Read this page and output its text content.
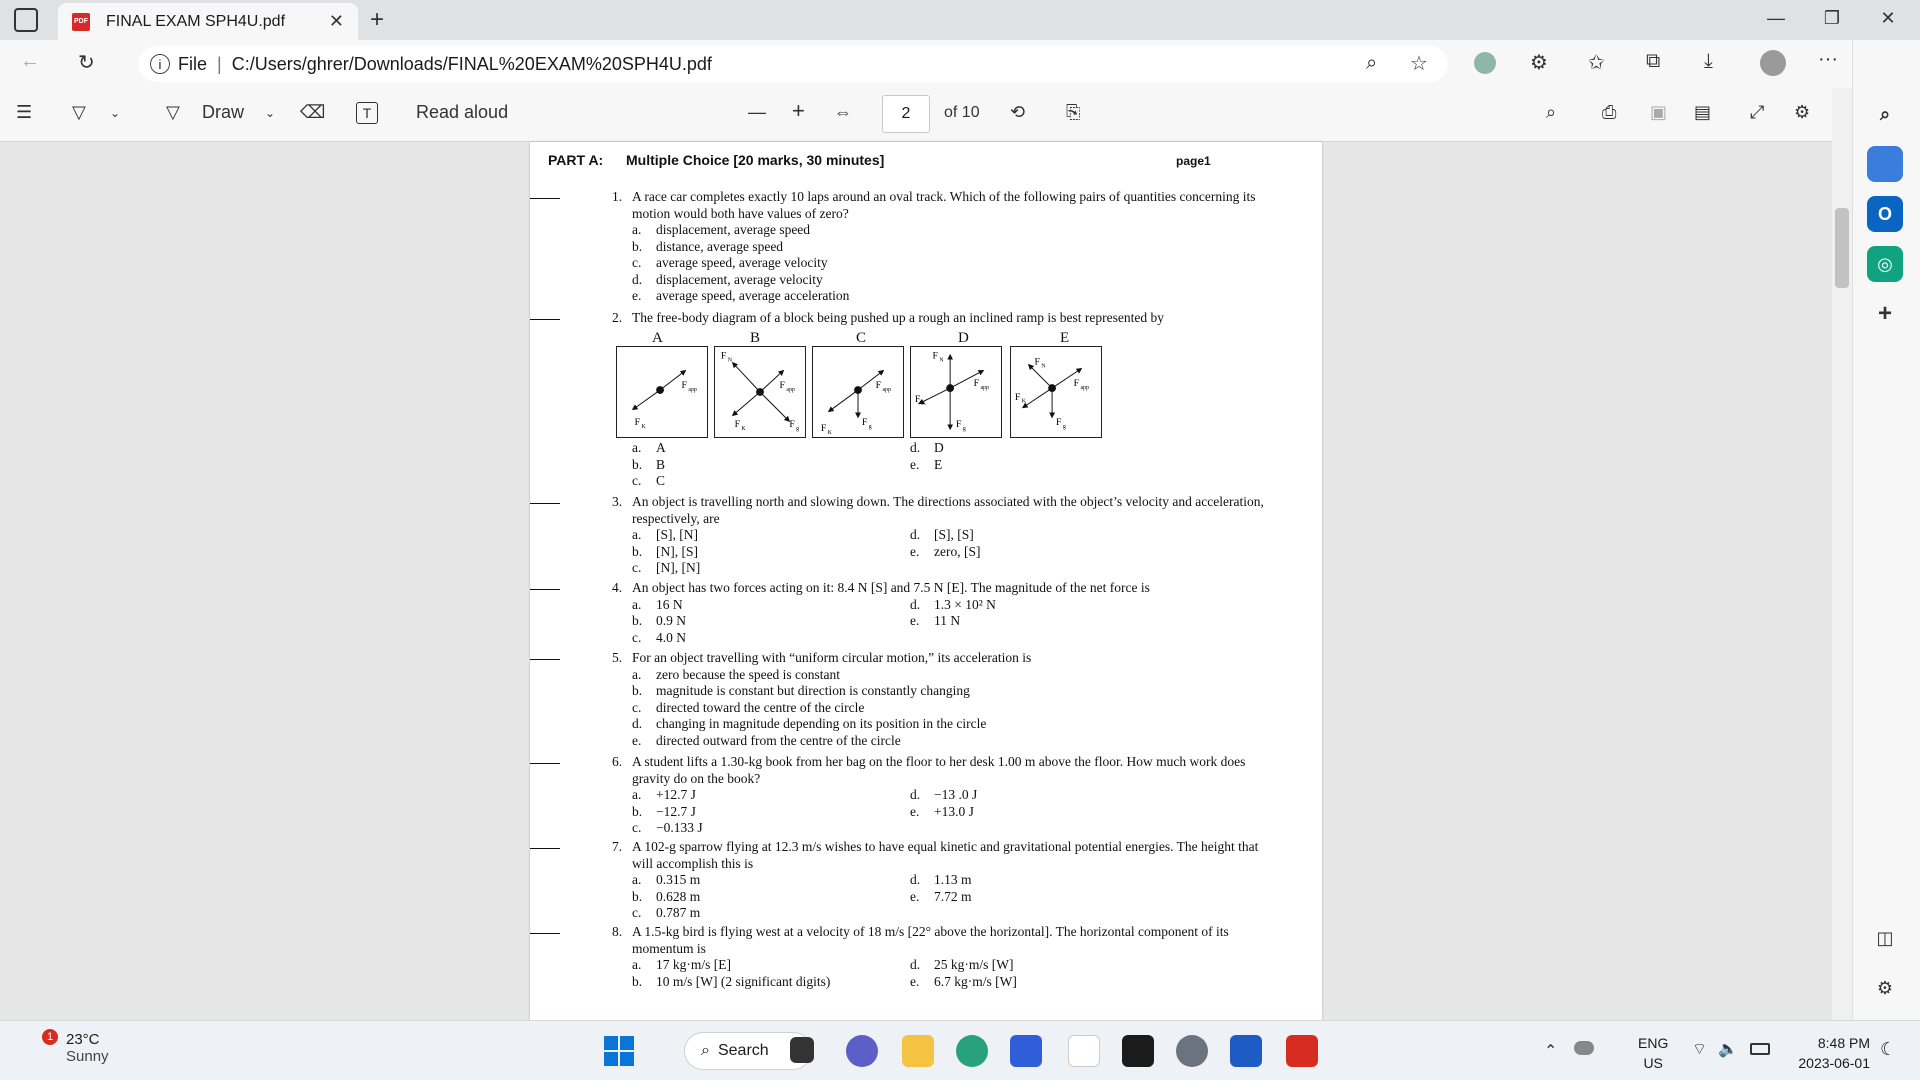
PDF FINAL EXAM SPH4U.pdf	✕ +	—	❐	✕
← ↻	i File | C:/Users/ghrer/Downloads/FINAL%20EXAM%20SPH4U.pdf	⌕ ☆	⚙ ✩ ⧉ ⤓	···
☰ ▽ ⌄	▽ Draw ⌄ ⌫	T	Read aloud	— + ⇔	2	of 10 ⟲ ⎘	⌕	⎙ ▣ ▤ ⤢ ⚙
PART A: Multiple Choice [20 marks, 30 minutes]	page1
1. A race car completes exactly 10 laps around an oval track. Which of the following pairs of quantities concerning its motion would both have values of zero?
a. displacement, average speed
b. distance, average speed
c. average speed, average velocity
d. displacement, average velocity
e. average speed, average acceleration
2. The free-body diagram of a block being pushed up a rough an inclined ramp is best represented by
A	B	C	D	E
F app
F K
F N
F app
F K	F g
F app
F K
F g
F N
F app
F K
F g
F N
F app
F K
F g
a. A
b. B
c. C
d. D
e. E
3. An object is travelling north and slowing down. The directions associated with the object’s velocity and acceleration, respectively, are
a. [S], [N]
b. [N], [S]
c. [N], [N]
d. [S], [S]
e. zero, [S]
4. An object has two forces acting on it: 8.4 N [S] and 7.5 N [E]. The magnitude of the net force is
a. 16 N
b. 0.9 N
c. 4.0 N
d. 1.3 × 10² N
e. 11 N
5. For an object travelling with “uniform circular motion,” its acceleration is
a. zero because the speed is constant
b. magnitude is constant but direction is constantly changing
c. directed toward the centre of the circle
d. changing in magnitude depending on its position in the circle
e. directed outward from the centre of the circle
6. A student lifts a 1.30-kg book from her bag on the floor to her desk 1.00 m above the floor. How much work does gravity do on the book?
a. +12.7 J
b. −12.7 J
c. −0.133 J
d. −13 .0 J
e. +13.0 J
7. A 102-g sparrow flying at 12.3 m/s wishes to have equal kinetic and gravitational potential energies. The height that will accomplish this is
a. 0.315 m
b. 0.628 m
c. 0.787 m
d. 1.13 m
e. 7.72 m
8. A 1.5-kg bird is flying west at a velocity of 18 m/s [22° above the horizontal]. The horizontal component of its momentum is
a. 17 kg·m/s [E]
b. 10 m/s [W] (2 significant digits)
d. 25 kg·m/s [W]
e. 6.7 kg·m/s [W]
⌕
O
◎
+
◫
⚙
1 23°C
Sunny	⌕ Search	⌃	ENG
US
⌔ 🔈	8:48 PM
2023-06-01
☾
